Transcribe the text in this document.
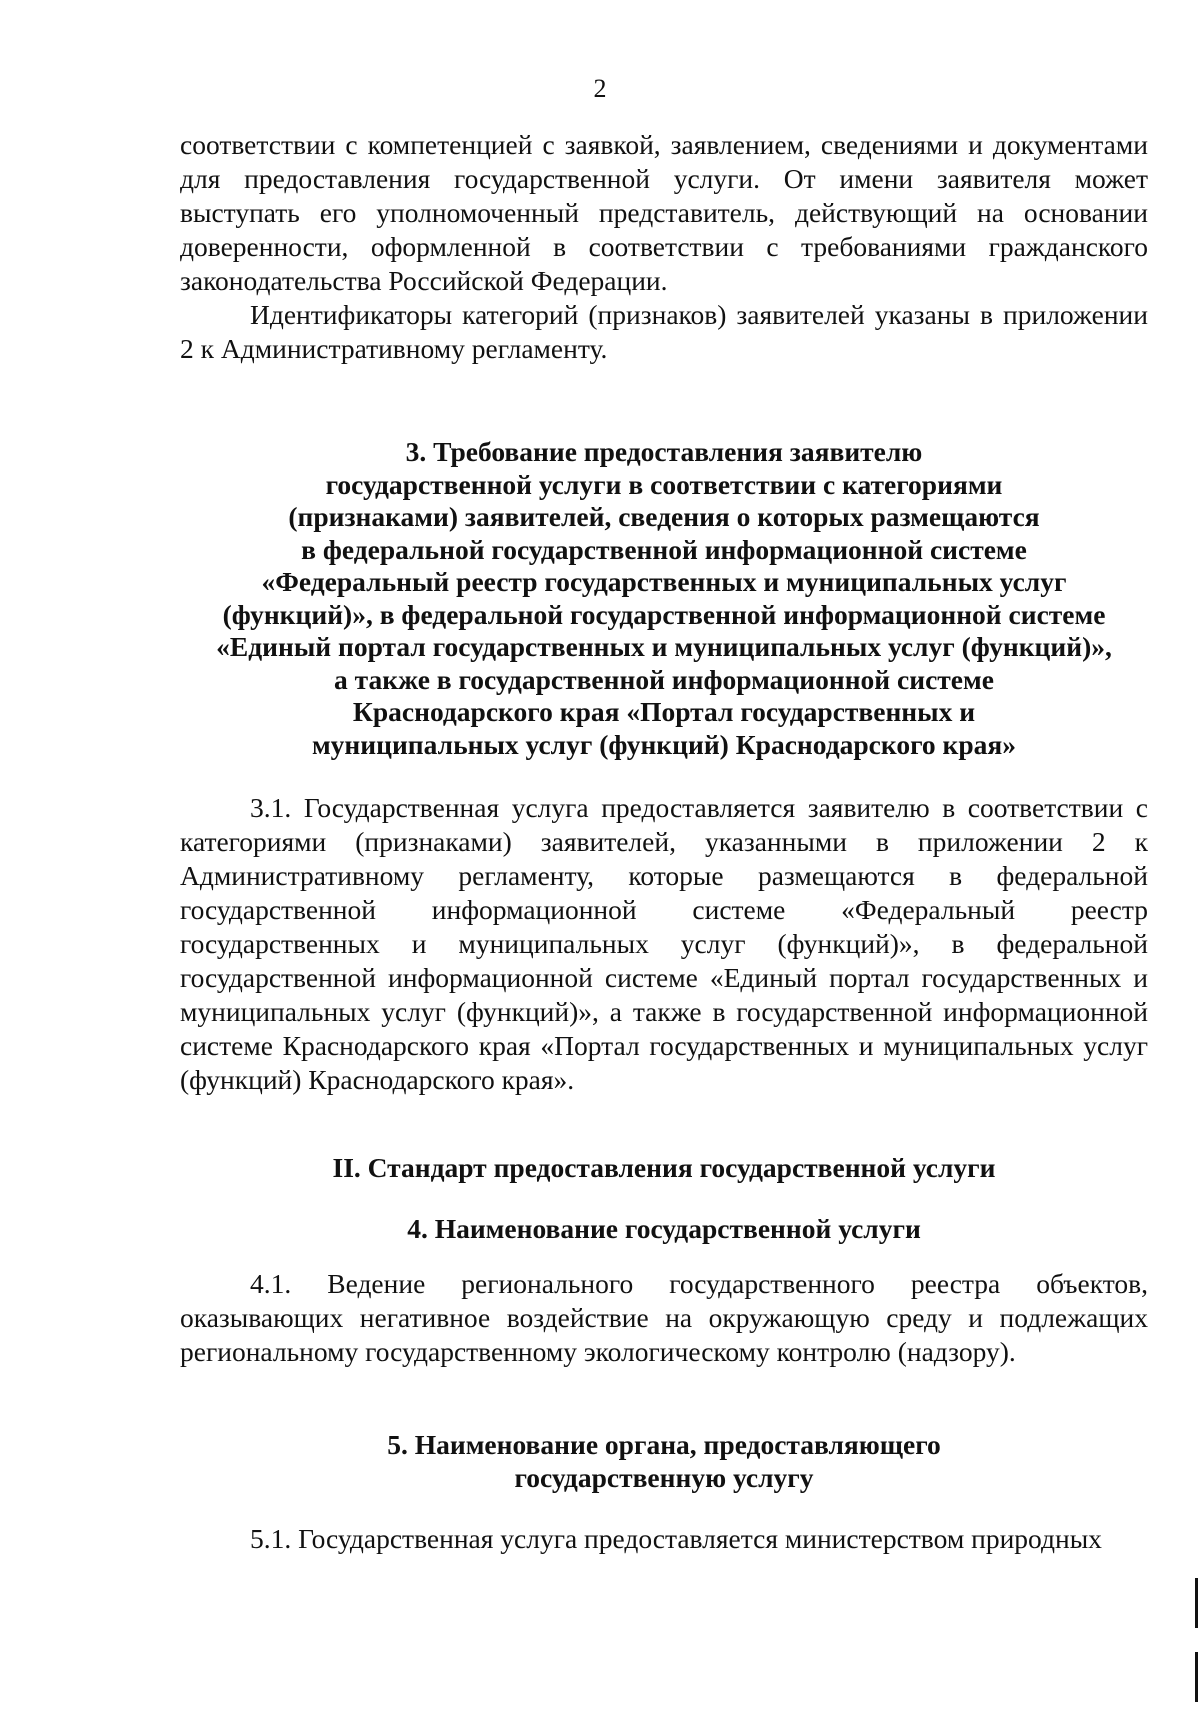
2

соответствии с компетенцией с заявкой, заявлением, сведениями и документами для предоставления государственной услуги. От имени заявителя может выступать его уполномоченный представитель, действующий на основании доверенности, оформленной в соответствии с требованиями гражданского законодательства Российской Федерации.

Идентификаторы категорий (признаков) заявителей указаны в приложении 2 к Административному регламенту.

3. Требование предоставления заявителю
государственной услуги в соответствии с категориями
(признаками) заявителей, сведения о которых размещаются
в федеральной государственной информационной системе
«Федеральный реестр государственных и муниципальных услуг
(функций)», в федеральной государственной информационной системе
«Единый портал государственных и муниципальных услуг (функций)»,
а также в государственной информационной системе
Краснодарского края «Портал государственных и
муниципальных услуг (функций) Краснодарского края»

3.1. Государственная услуга предоставляется заявителю в соответствии с категориями (признаками) заявителей, указанными в приложении 2 к Административному регламенту, которые размещаются в федеральной государственной информационной системе «Федеральный реестр государственных и муниципальных услуг (функций)», в федеральной государственной информационной системе «Единый портал государственных и муниципальных услуг (функций)», а также в государственной информационной системе Краснодарского края «Портал государственных и муниципальных услуг (функций) Краснодарского края».

II. Стандарт предоставления государственной услуги
4. Наименование государственной услуги

4.1. Ведение регионального государственного реестра объектов, оказывающих негативное воздействие на окружающую среду и подлежащих региональному государственному экологическому контролю (надзору).

5. Наименование органа, предоставляющего
государственную услугу

5.1. Государственная услуга предоставляется министерством природных
